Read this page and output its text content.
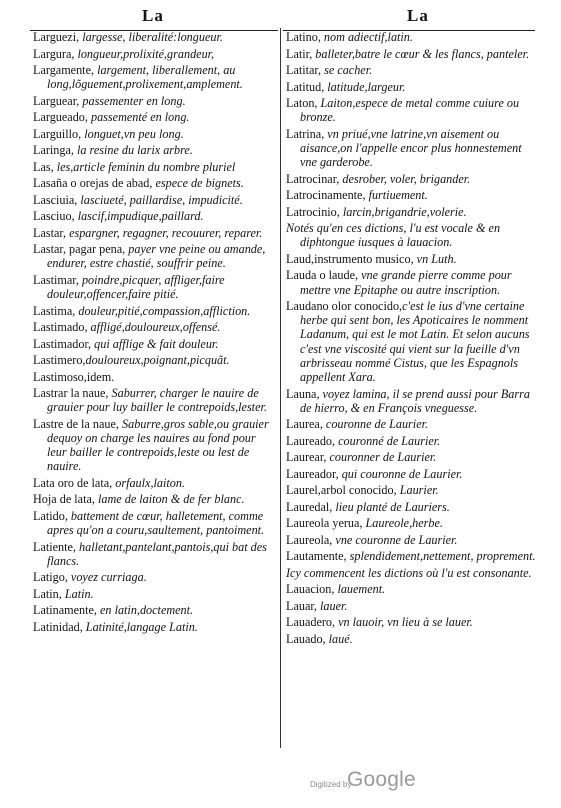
La	La

Larguezi, largesse, liberalité:longueur.

Largura, longueur,prolixité,grandeur,

Largamente, largement, liberallement, au long,lõguement,prolixement,amplement.

Larguear, passementer en long.

Largueado, passementé en long.

Larguillo, longuet,vn peu long.

Laringa, la resine du larix arbre.

Las, les,article feminin du nombre pluriel

Lasaña o orejas de abad, espece de bignets.

Lasciuia, lasciueté, paillardise, impudicité.

Lasciuo, lascif,impudique,paillard.

Lastar, espargner, regagner, recouurer, reparer.

Lastar, pagar pena, payer vne peine ou amande, endurer, estre chastié, souffrir peine.

Lastimar, poindre,picquer, affliger,faire douleur,offencer,faire pitié.

Lastima, douleur,pitié,compassion,affliction.

Lastimado, affligé,douloureux,offensé.

Lastimador, qui afflige & fait douleur.

Lastimero,douloureux,poignant,picquãt.

Lastimoso,idem.

Lastrar la naue, Saburrer, charger le nauire de grauier pour luy bailler le contrepoids,lester.

Lastre de la naue, Saburre,gros sable,ou grauier dequoy on charge les nauires au fond pour leur bailler le contrepoids,leste ou lest de nauire.

Lata oro de lata, orfaulx,laiton.

Hoja de lata, lame de laiton & de fer blanc.

Latido, battement de cœur, halletement, comme apres qu'on a couru,saultement, pantoiment.

Latiente, halletant,pantelant,pantois,qui bat des flancs.

Latigo, voyez curriaga.

Latin, Latin.

Latinamente, en latin,doctement.

Latinidad, Latinité,langage Latin.

Latino, nom adiectif,latin.

Latir, balleter,batre le cœur & les flancs, panteler.

Latitar, se cacher.

Latitud, latitude,largeur.

Laton, Laiton,espece de metal comme cuiure ou bronze.

Latrina, vn priué,vne latrine,vn aisement ou aisance,on l'appelle encor plus honnestement vne garderobe.

Latrocinar, desrober, voler, brigander.

Latrocinamente, furtiuement.

Latrocinio, larcin,brigandrie,volerie.

Notés qu'en ces dictions, l'u est vocale & en diphtongue iusques à lauacion.

Laud,instrumento musico, vn Luth.

Lauda o laude, vne grande pierre comme pour mettre vne Epitaphe ou autre inscription.

Laudano olor conocido,c'est le ius d'vne certaine herbe qui sent bon, les Apoticaires le nomment Ladanum, qui est le mot Latin. Et selon aucuns c'est vne viscosité qui vient sur la fueille d'vn arbrisseau nommé Cistus, que les Espagnols appellent Xara.

Launa, voyez lamina, il se prend aussi pour Barra de hierro, & en François vneguesse.

Laurea, couronne de Laurier.

Laureado, couronné de Laurier.

Laurear, couronner de Laurier.

Laureador, qui couronne de Laurier.

Laurel,arbol conocido, Laurier.

Lauredal, lieu planté de Lauriers.

Laureola yerua, Laureole,herbe.

Laureola, vne couronne de Laurier.

Lautamente, splendidement,nettement, proprement.

Icy commencent les dictions où l'u est consonante.

Lauacion, lauement.

Lauar, lauer.

Lauadero, vn lauoir, vn lieu à se lauer.

Lauado, laué.

Digitized by
Google
